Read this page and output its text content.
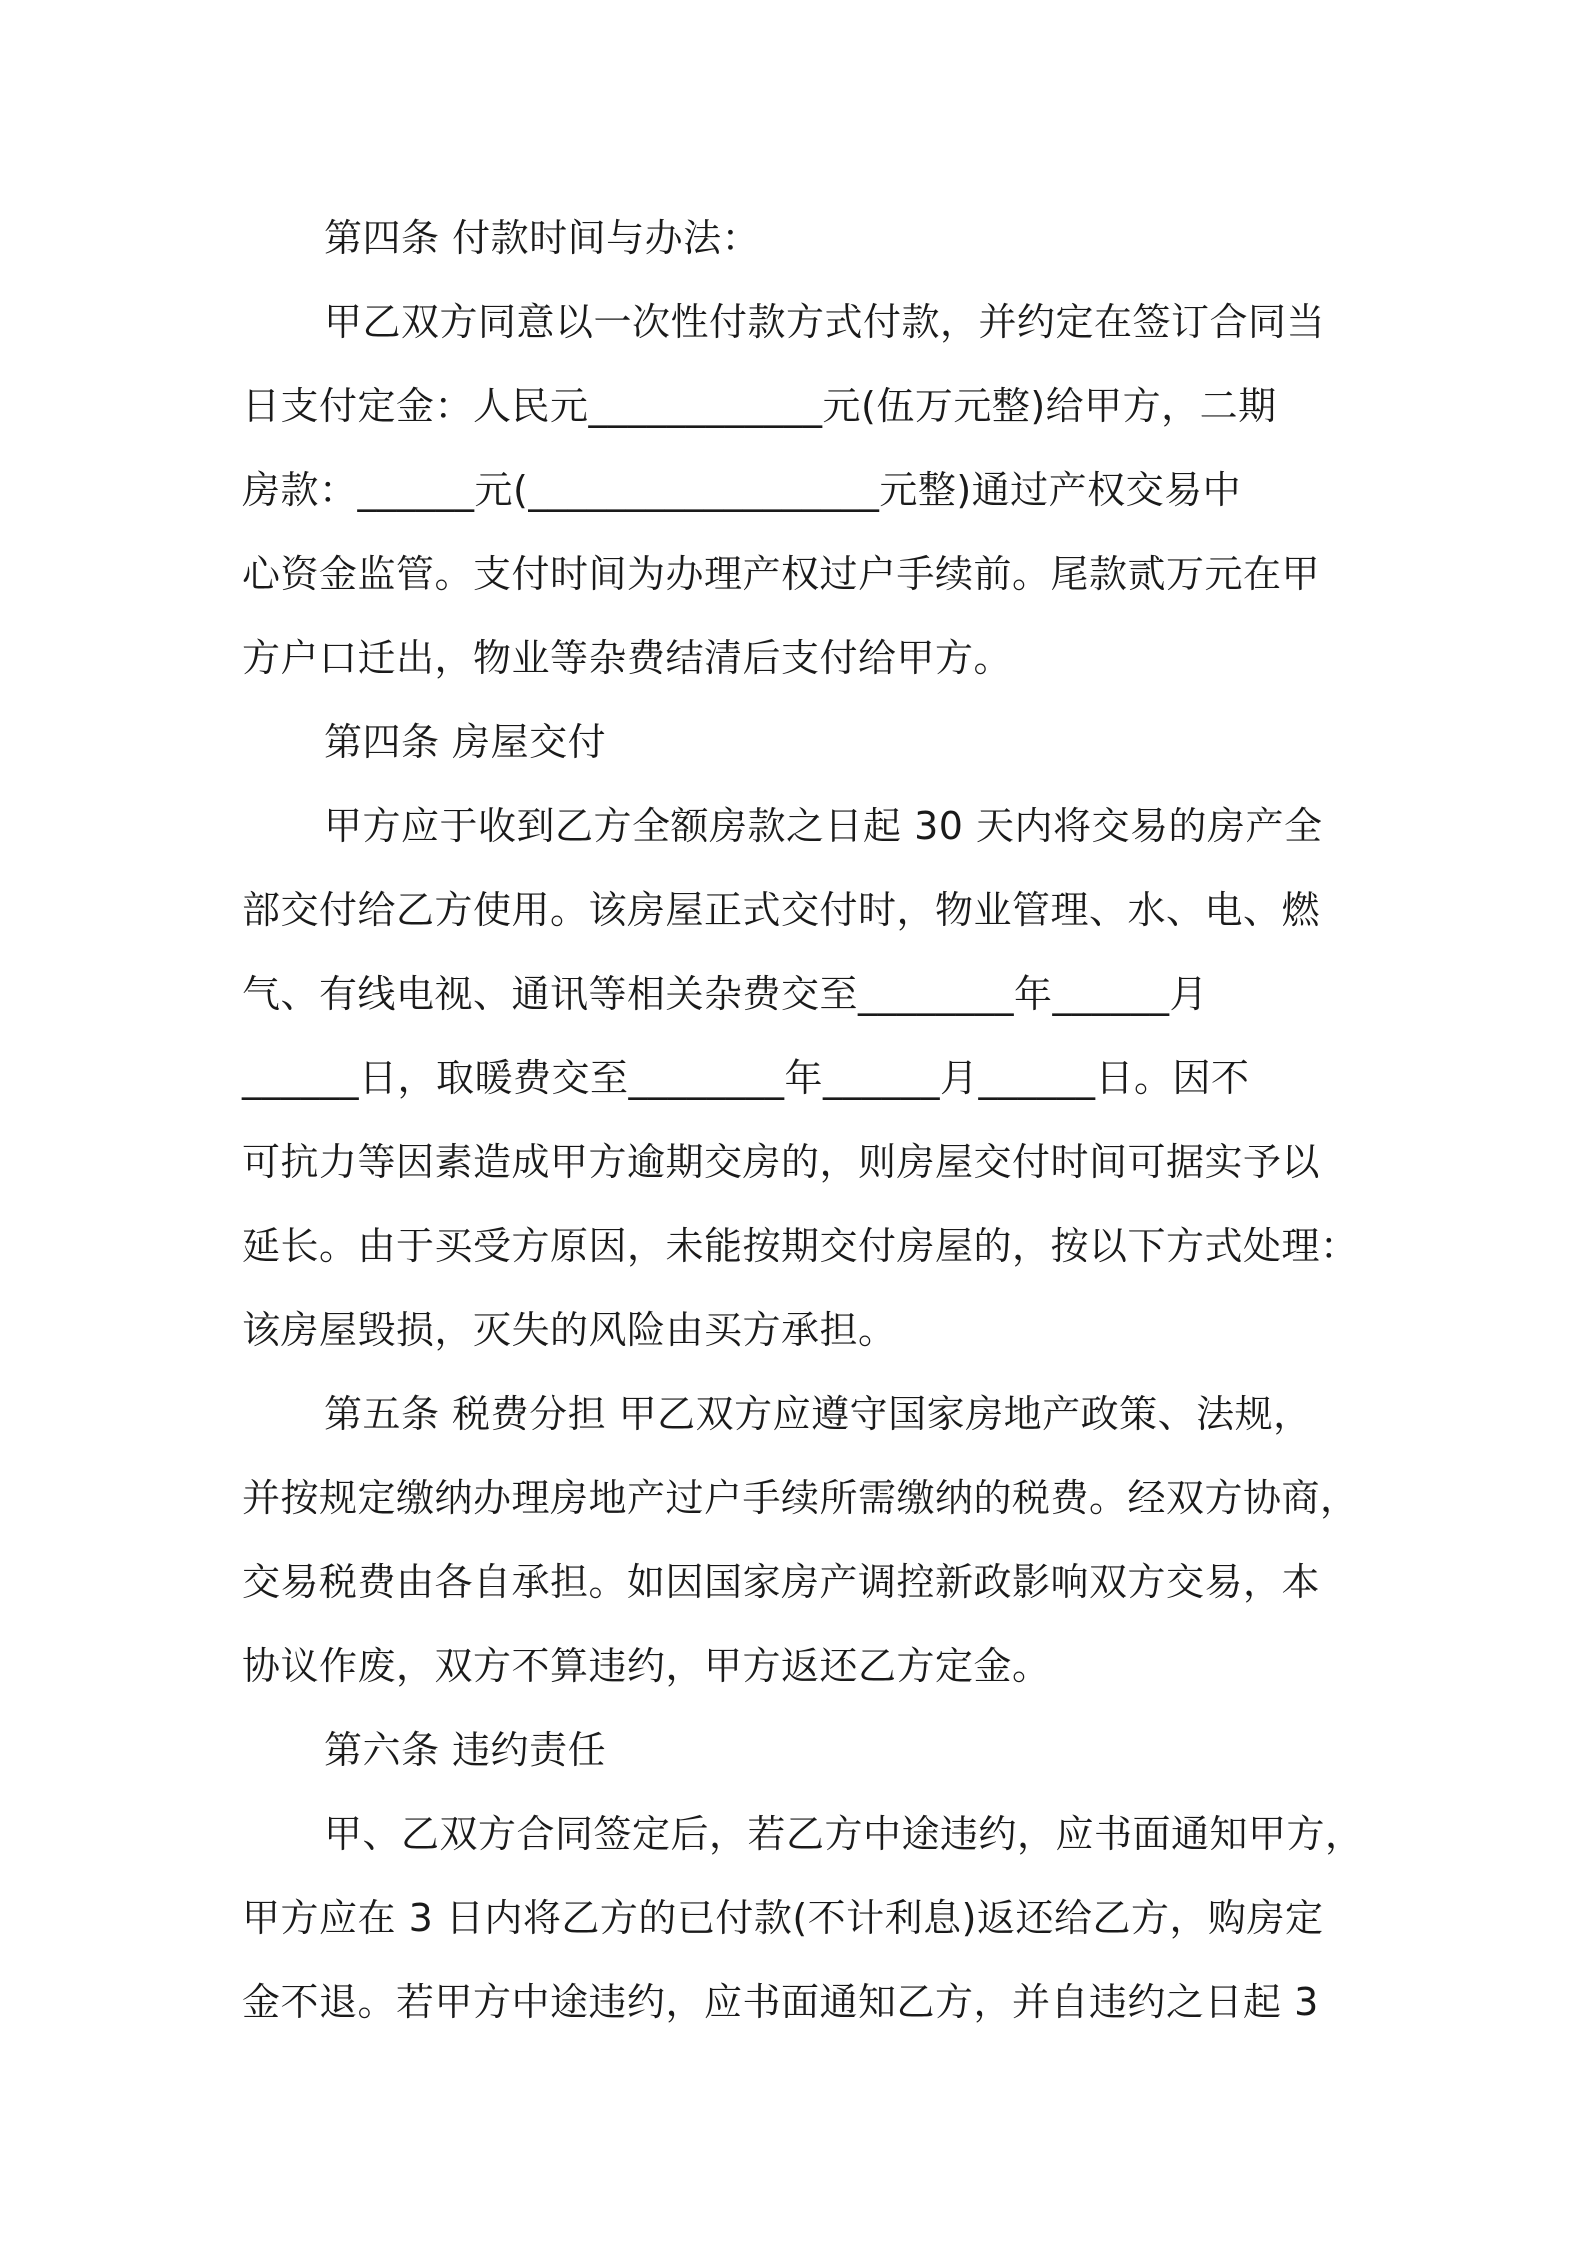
第四条 付款时间与办法：
甲乙双方同意以一次性付款方式付款，并约定在签订合同当
日支付定金：人民元____________元(伍万元整)给甲方，二期
房款：______元(__________________元整)通过产权交易中
心资金监管。支付时间为办理产权过户手续前。尾款贰万元在甲
方户口迁出，物业等杂费结清后支付给甲方。
第四条 房屋交付
甲方应于收到乙方全额房款之日起 30 天内将交易的房产全
部交付给乙方使用。该房屋正式交付时，物业管理、水、电、燃
气、有线电视、通讯等相关杂费交至________年______月
______日，取暖费交至________年______月______日。因不
可抗力等因素造成甲方逾期交房的，则房屋交付时间可据实予以
延长。由于买受方原因，未能按期交付房屋的，按以下方式处理：
该房屋毁损，灭失的风险由买方承担。
第五条 税费分担 甲乙双方应遵守国家房地产政策、法规，
并按规定缴纳办理房地产过户手续所需缴纳的税费。经双方协商，
交易税费由各自承担。如因国家房产调控新政影响双方交易，本
协议作废，双方不算违约，甲方返还乙方定金。
第六条 违约责任
甲、乙双方合同签定后，若乙方中途违约，应书面通知甲方，
甲方应在 3 日内将乙方的已付款(不计利息)返还给乙方，购房定
金不退。若甲方中途违约，应书面通知乙方，并自违约之日起 3
